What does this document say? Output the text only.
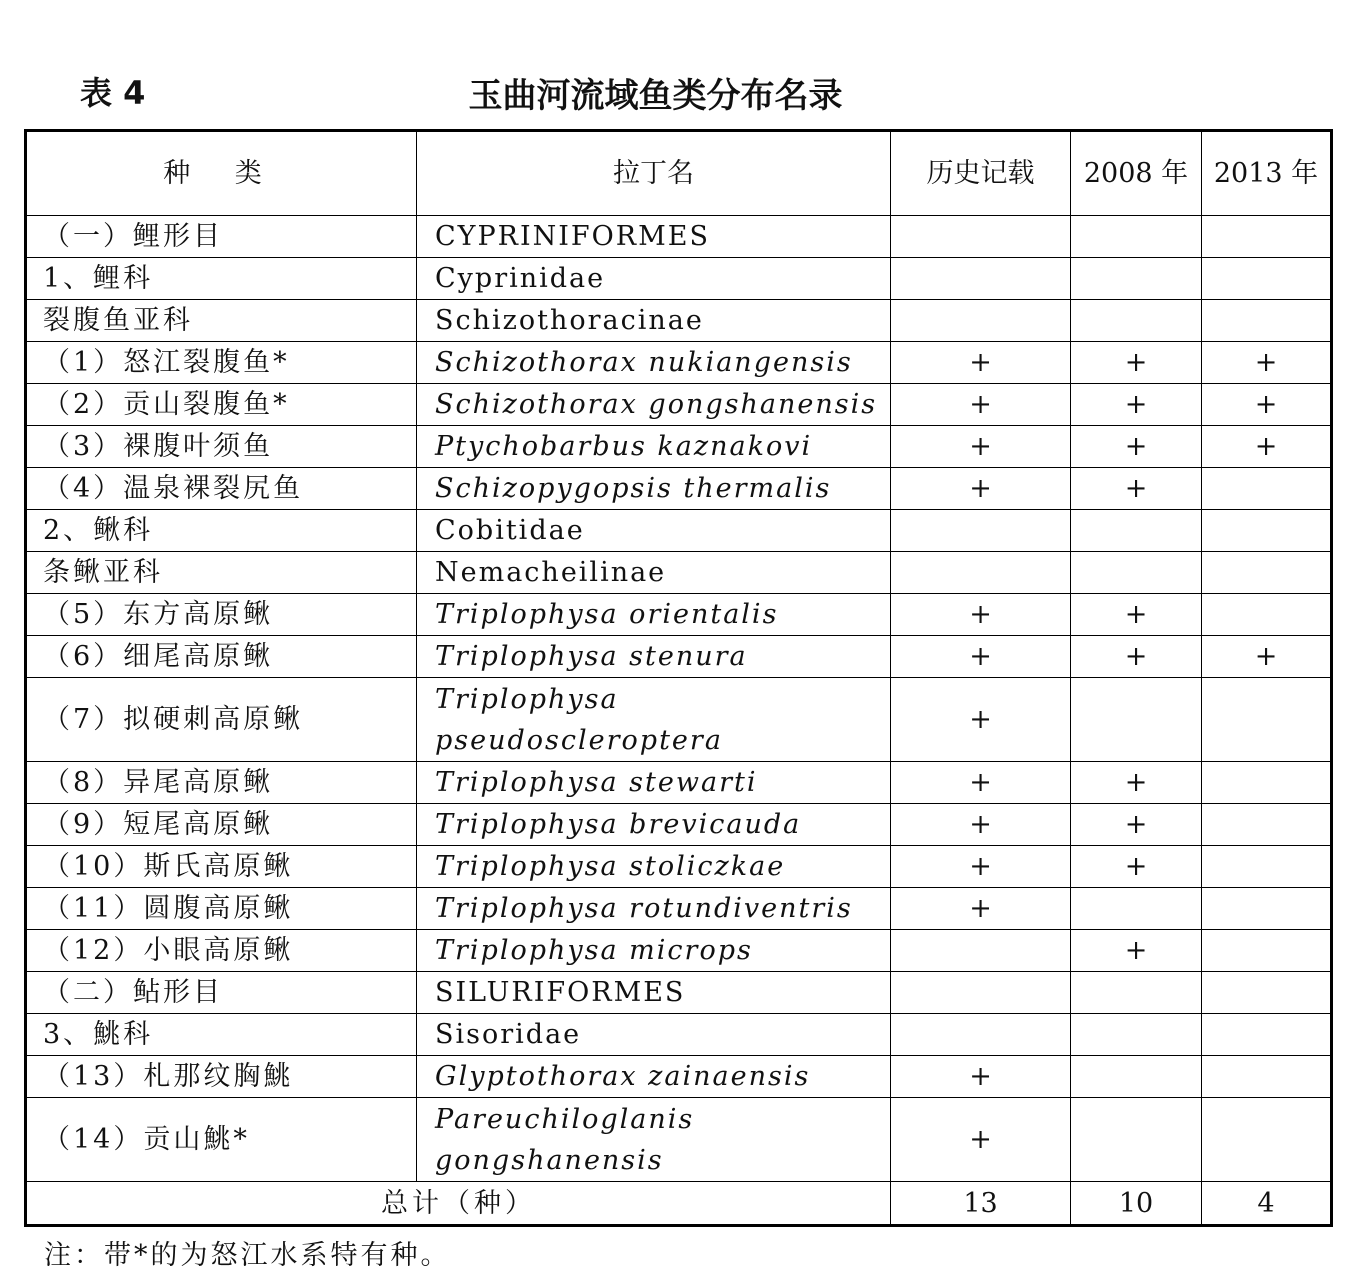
表 4	玉曲河流域鱼类分布名录
种 类	拉丁名	历史记载	2008 年	2013 年
（一）鲤形目	CYPRINIFORMES			
1、鲤科	Cyprinidae			
裂腹鱼亚科	Schizothoracinae			
（1）怒江裂腹鱼*	Schizothorax nukiangensis	+	+	+
（2）贡山裂腹鱼*	Schizothorax gongshanensis	+	+	+
（3）裸腹叶须鱼	Ptychobarbus kaznakovi	+	+	+
（4）温泉裸裂尻鱼	Schizopygopsis thermalis	+	+	
2、鳅科	Cobitidae			
条鳅亚科	Nemacheilinae			
（5）东方高原鳅	Triplophysa orientalis	+	+	
（6）细尾高原鳅	Triplophysa stenura	+	+	+
（7）拟硬刺高原鳅	Triplophysa pseudoscleroptera	+		
（8）异尾高原鳅	Triplophysa stewarti	+	+	
（9）短尾高原鳅	Triplophysa brevicauda	+	+	
（10）斯氏高原鳅	Triplophysa stoliczkae	+	+	
（11）圆腹高原鳅	Triplophysa rotundiventris	+		
（12）小眼高原鳅	Triplophysa microps		+	
（二）鲇形目	SILURIFORMES			
3、鮡科	Sisoridae			
（13）札那纹胸鮡	Glyptothorax zainaensis	+		
（14）贡山鮡*	Pareuchiloglanis gongshanensis	+		
总计（种）		13	10	4
注：带*的为怒江水系特有种。
